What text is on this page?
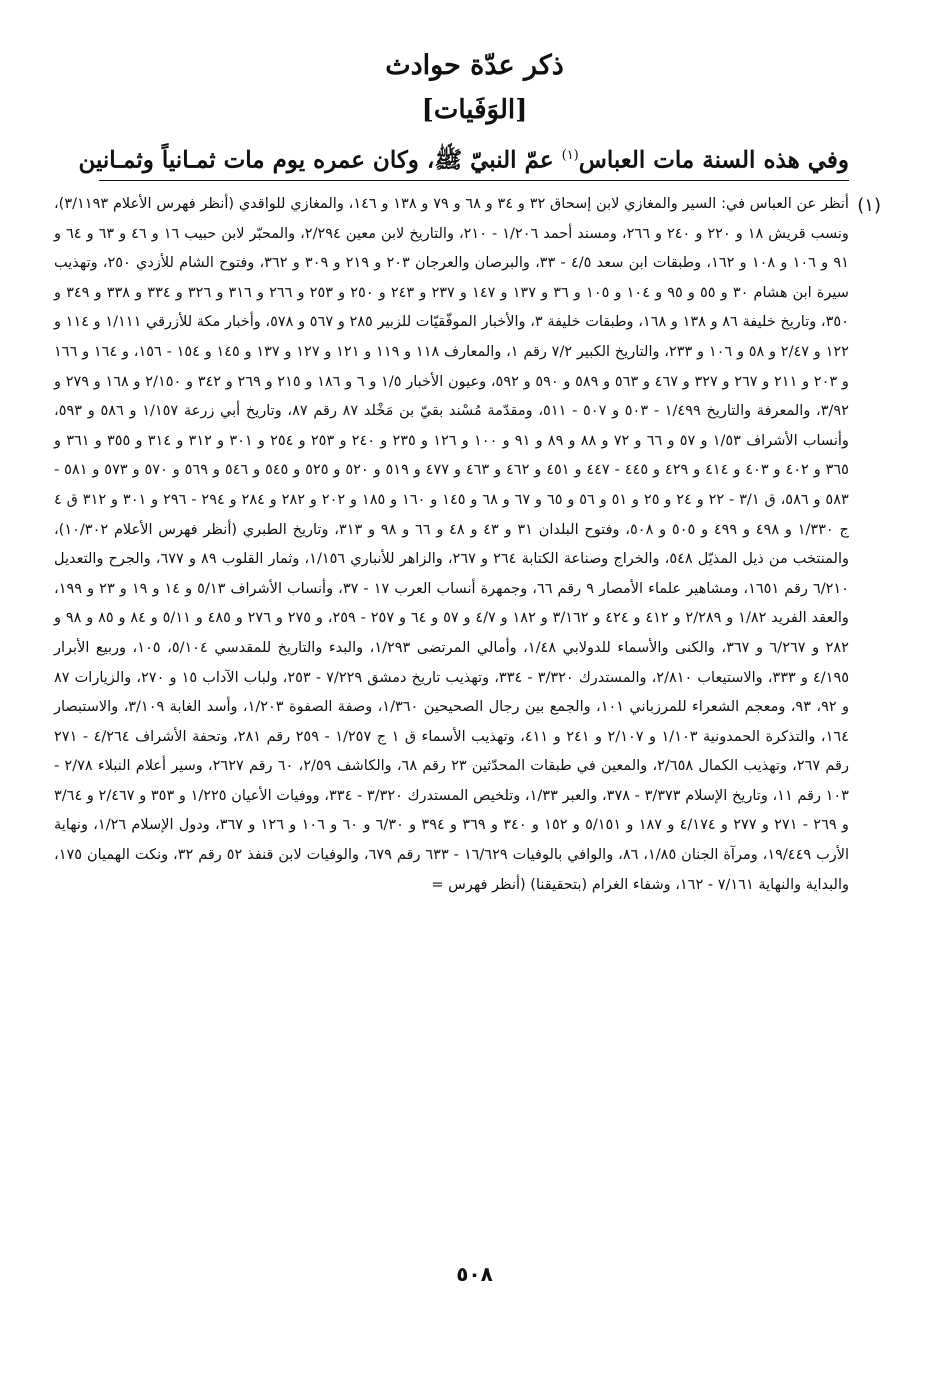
ذكر عدّة حوادث
[الوَفَيات]
وفي هذه السنة مات العباس$^{(١)}$ عمّ النبيّ ﷺ، وكان عمره يوم مات ثمـانياً وثمـانين
(١)
أنظر عن العباس في: السير والمغازي لابن إسحاق ٣٢ و ٣٤ و ٦٨ و ٧٩ و ١٣٨ و ١٤٦، والمغازي للواقدي (أنظر فهرس الأعلام ٣/١١٩٣)، ونسب قريش ١٨ و ٢٢٠ و ٢٤٠ و ٢٦٦، ومسند أحمد ١/٢٠٦ - ٢١٠، والتاريخ لابن معين ٢/٢٩٤، والمحبّر لابن حبيب ١٦ و ٤٦ و ٦٣ و ٦٤ و ٩١ و ١٠٦ و ١٠٨ و ١٦٢، وطبقات ابن سعد ٤/٥ - ٣٣، والبرصان والعرجان ٢٠٣ و ٢١٩ و ٣٠٩ و ٣٦٢، وفتوح الشام للأزدي ٢٥٠، وتهذيب سيرة ابن هشام ٣٠ و ٥٥ و ٩٥ و ١٠٤ و ١٠٥ و ٣٦ و ١٣٧ و ١٤٧ و ٢٣٧ و ٢٤٣ و ٢٥٠ و ٢٥٣ و ٢٦٦ و ٣١٦ و ٣٢٦ و ٣٣٤ و ٣٣٨ و ٣٤٩ و ٣٥٠، وتاريخ خليفة ٨٦ و ١٣٨ و ١٦٨، وطبقات خليفة ٣، والأخبار الموفّقيّات للزبير ٢٨٥ و ٥٦٧ و ٥٧٨، وأخبار مكة للأزرقي ١/١١١ و ١١٤ و ١٢٢ و ٢/٤٧ و ٥٨ و ١٠٦ و ٢٣٣، والتاريخ الكبير ٧/٢ رقم ١، والمعارف ١١٨ و ١١٩ و ١٢١ و ١٢٧ و ١٣٧ و ١٤٥ و ١٥٤ - ١٥٦، و ١٦٤ و ١٦٦ و ٢٠٣ و ٢١١ و ٢٦٧ و ٣٢٧ و ٤٦٧ و ٥٦٣ و ٥٨٩ و ٥٩٠ و ٥٩٢، وعيون الأخبار ١/٥ و ٦ و ١٨٦ و ٢١٥ و ٢٦٩ و ٣٤٢ و ٢/١٥٠ و ١٦٨ و ٢٧٩ و ٣/٩٢، والمعرفة والتاريخ ١/٤٩٩ - ٥٠٣ و ٥٠٧ - ٥١١، ومقدّمة مُسْند بقيّ بن مَخْلد ٨٧ رقم ٨٧، وتاريخ أبي زرعة ١/١٥٧ و ٥٨٦ و ٥٩٣، وأنساب الأشراف ١/٥٣ و ٥٧ و ٦٦ و ٧٢ و ٨٨ و ٨٩ و ٩١ و ١٠٠ و ١٢٦ و ٢٣٥ و ٢٤٠ و ٢٥٣ و ٢٥٤ و ٣٠١ و ٣١٢ و ٣١٤ و ٣٥٥ و ٣٦١ و ٣٦٥ و ٤٠٢ و ٤٠٣ و ٤١٤ و ٤٢٩ و ٤٤٥ - ٤٤٧ و ٤٥١ و ٤٦٢ و ٤٦٣ و ٤٧٧ و ٥١٩ و ٥٢٠ و ٥٢٥ و ٥٤٥ و ٥٤٦ و ٥٦٩ و ٥٧٠ و ٥٧٣ و ٥٨١ - ٥٨٣ و ٥٨٦، ق ٣/١ - ٢٢ و ٢٤ و ٢٥ و ٥١ و ٥٦ و ٦٥ و ٦٧ و ٦٨ و ١٤٥ و ١٦٠ و ١٨٥ و ٢٠٢ و ٢٨٢ و ٢٨٤ و ٢٩٤ - ٢٩٦ و ٣٠١ و ٣١٢ ق ٤ ج ١/٣٣٠ و ٤٩٨ و ٤٩٩ و ٥٠٥ و ٥٠٨، وفتوح البلدان ٣١ و ٤٣ و ٤٨ و ٦٦ و ٩٨ و ٣١٣، وتاريخ الطبري (أنظر فهرس الأعلام ١٠/٣٠٢)، والمنتخب من ذيل المذيّل ٥٤٨، والخراج وصناعة الكتابة ٢٦٤ و ٢٦٧، والزاهر للأنباري ١/١٥٦، وثمار القلوب ٨٩ و ٦٧٧، والجرح والتعديل ٦/٢١٠ رقم ١٦٥١، ومشاهير علماء الأمصار ٩ رقم ٦٦، وجمهرة أنساب العرب ١٧ - ٣٧، وأنساب الأشراف ٥/١٣ و ١٤ و ١٩ و ٢٣ و ١٩٩، والعقد الفريد ١/٨٢ و ٢/٢٨٩ و ٤١٢ و ٤٢٤ و ٣/١٦٢ و ١٨٢ و ٤/٧ و ٥٧ و ٦٤ و ٢٥٧ - ٢٥٩، و ٢٧٥ و ٢٧٦ و ٤٨٥ و ٥/١١ و ٨٤ و ٨٥ و ٩٨ و ٢٨٢ و ٦/٢٦٧ و ٣٦٧، والكنى والأسماء للدولابي ١/٤٨، وأمالي المرتضى ١/٢٩٣، والبدء والتاريخ للمقدسي ٥/١٠٤، ١٠٥، وربيع الأبرار ٤/١٩٥ و ٣٣٣، والاستيعاب ٢/٨١٠، والمستدرك ٣/٣٢٠ - ٣٣٤، وتهذيب تاريخ دمشق ٧/٢٢٩ - ٢٥٣، ولباب الآداب ١٥ و ٢٧٠، والزيارات ٨٧ و ٩٢، ٩٣، ومعجم الشعراء للمرزباني ١٠١، والجمع بين رجال الصحيحين ١/٣٦٠، وصفة الصفوة ١/٢٠٣، وأسد الغابة ٣/١٠٩، والاستبصار ١٦٤، والتذكرة الحمدونية ١/١٠٣ و ٢/١٠٧ و ٢٤١ و ٤١١، وتهذيب الأسماء ق ١ ج ١/٢٥٧ - ٢٥٩ رقم ٢٨١، وتحفة الأشراف ٤/٢٦٤ - ٢٧١ رقم ٢٦٧، وتهذيب الكمال ٢/٦٥٨، والمعين في طبقات المحدّثين ٢٣ رقم ٦٨، والكاشف ٢/٥٩، ٦٠ رقم ٢٦٢٧، وسير أعلام النبلاء ٢/٧٨ - ١٠٣ رقم ١١، وتاريخ الإسلام ٣/٣٧٣ - ٣٧٨، والعبر ١/٣٣، وتلخيص المستدرك ٣/٣٢٠ - ٣٣٤، ووفيات الأعيان ١/٢٢٥ و ٣٥٣ و ٢/٤٦٧ و ٣/٦٤ و ٢٦٩ - ٢٧١ و ٢٧٧ و ٤/١٧٤ و ١٨٧ و ٥/١٥١ و ١٥٢ و ٣٤٠ و ٣٦٩ و ٣٩٤ و ٦/٣٠ و ٦٠ و ١٠٦ و ١٢٦ و ٣٦٧، ودول الإسلام ١/٢٦، ونهاية الأرب ١٩/٤٤٩، ومرآة الجنان ١/٨٥، ٨٦، والوافي بالوفيات ١٦/٦٢٩ - ٦٣٣ رقم ٦٧٩، والوفيات لابن قنفذ ٥٢ رقم ٣٢، ونكت الهميان ١٧٥، والبداية والنهاية ٧/١٦١ - ١٦٢، وشفاء الغرام (بتحقيقنا) (أنظر فهرس =
٥٠٨
